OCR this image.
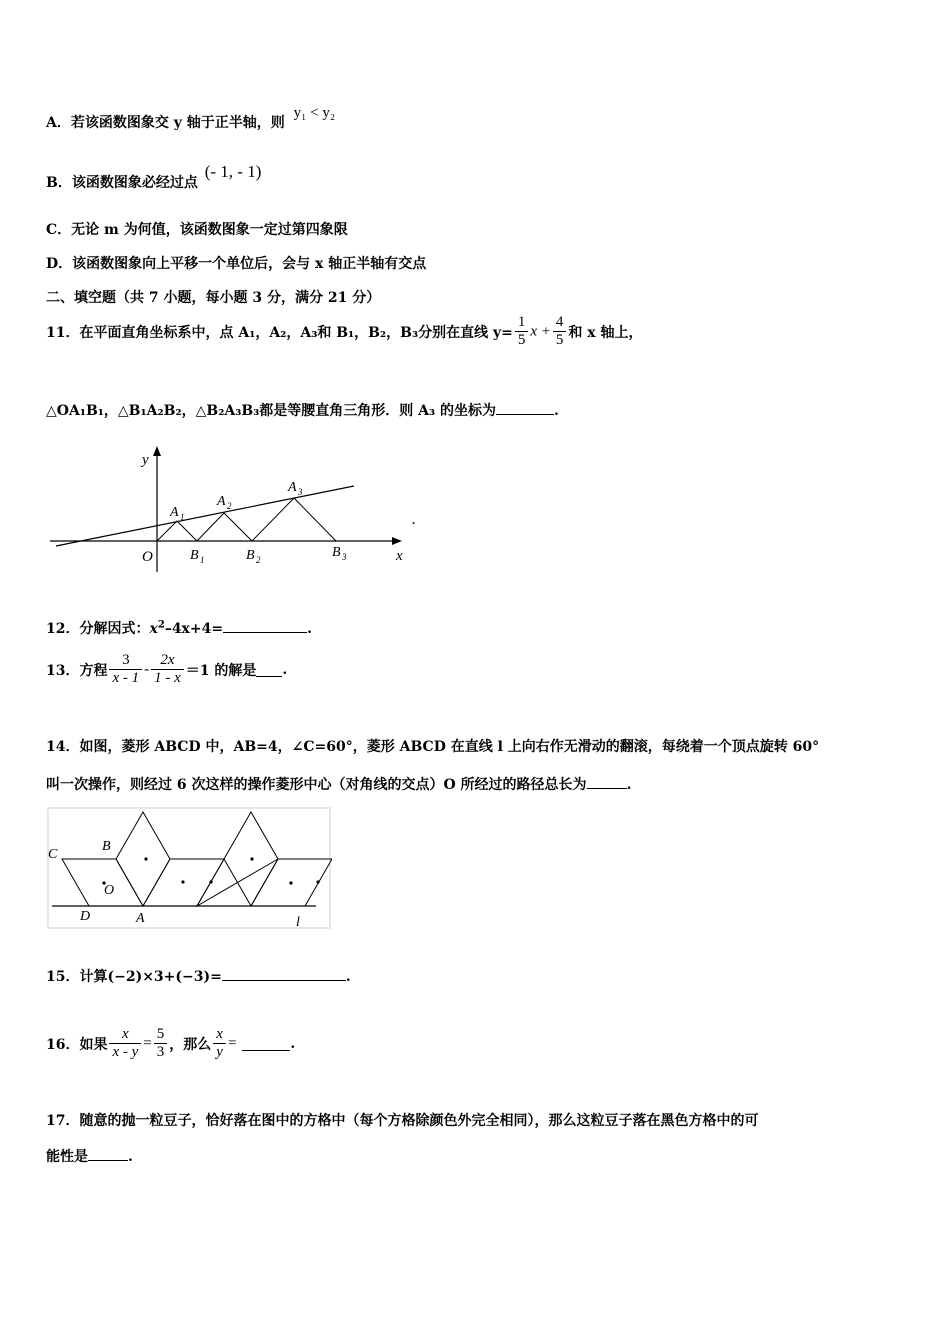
A．若该函数图象交 y 轴于正半轴，则 y₁ < y₂
B．该函数图象必经过点 (- 1, - 1)
C．无论 m 为何值，该函数图象一定过第四象限
D．该函数图象向上平移一个单位后，会与 x 轴正半轴有交点
二、填空题（共 7 小题，每小题 3 分，满分 21 分）
11．在平面直角坐标系中，点 A₁，A₂，A₃和 B₁，B₂，B₃分别在直线 $y= \frac{1}{5}$ $x + \frac{4}{5}$ 和 x 轴上，
△OA₁B₁，△B₁A₂B₂，△B₂A₃B₃都是等腰直角三角形．则 A₃ 的坐标为	.
y
x
O
A 1
A 2
A 3
B 1	B 2	B 3
.
12．分解因式：$x^2-4x+4=$	.
13．方程 $\frac{3}{x - 1} - \frac{2x}{1 - x} =1$ 的解是 .
14．如图，菱形 ABCD 中，AB=4，∠C=60°，菱形 ABCD 在直线 l 上向右作无滑动的翻滚，每绕着一个顶点旋转 60°
叫一次操作，则经过 6 次这样的操作菱形中心（对角线的交点）O 所经过的路径总长为	.
C
B
O
D	A	l
15．计算(−2)×3+(−3)=	.
16．如果 $\frac{x}{x - y} = \frac{5}{3}$ ，那么 $\frac{x}{y}$ =	.
17．随意的抛一粒豆子，恰好落在图中的方格中（每个方格除颜色外完全相同），那么这粒豆子落在黑色方格中的可
能性是	.
